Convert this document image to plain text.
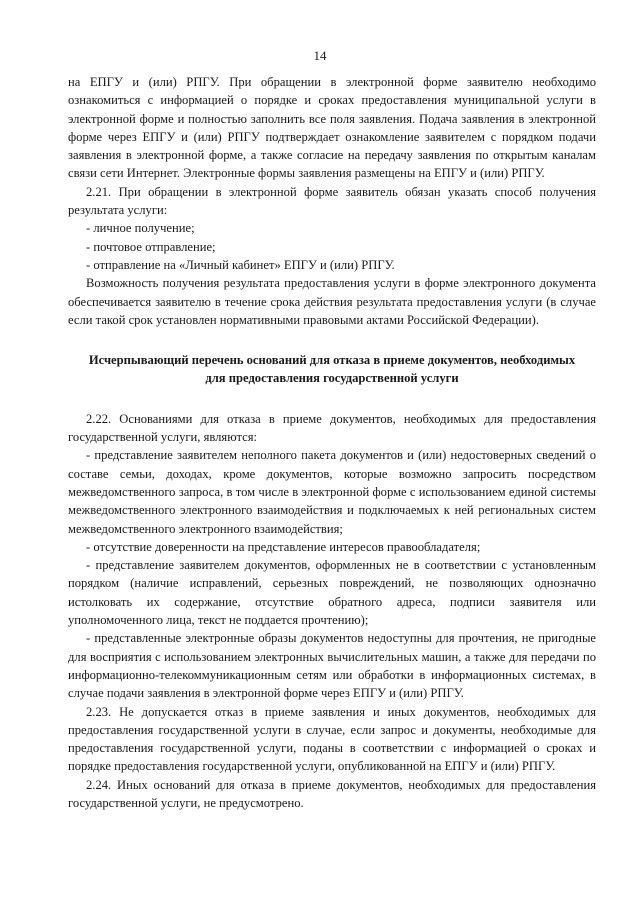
14

на ЕПГУ и (или) РПГУ. При обращении в электронной форме заявителю необходимо ознакомиться с информацией о порядке и сроках предоставления муниципальной услуги в электронной форме и полностью заполнить все поля заявления. Подача заявления в электронной форме через ЕПГУ и (или) РПГУ подтверждает ознакомление заявителем с порядком подачи заявления в электронной форме, а также согласие на передачу заявления по открытым каналам связи сети Интернет. Электронные формы заявления размещены на ЕПГУ и (или) РПГУ.

2.21. При обращении в электронной форме заявитель обязан указать способ получения результата услуги:

- личное получение;

- почтовое отправление;

- отправление на «Личный кабинет» ЕПГУ и (или) РПГУ.

Возможность получения результата предоставления услуги в форме электронного документа обеспечивается заявителю в течение срока действия результата предоставления услуги (в случае если такой срок установлен нормативными правовыми актами Российской Федерации).

Исчерпывающий перечень оснований для отказа в приеме документов, необходимых для предоставления государственной услуги

2.22. Основаниями для отказа в приеме документов, необходимых для предоставления государственной услуги, являются:

- представление заявителем неполного пакета документов и (или) недостоверных сведений о составе семьи, доходах, кроме документов, которые возможно запросить посредством межведомственного запроса, в том числе в электронной форме с использованием единой системы межведомственного электронного взаимодействия и подключаемых к ней региональных систем межведомственного электронного взаимодействия;

- отсутствие доверенности на представление интересов правообладателя;

- представление заявителем документов, оформленных не в соответствии с установленным порядком (наличие исправлений, серьезных повреждений, не позволяющих однозначно истолковать их содержание, отсутствие обратного адреса, подписи заявителя или уполномоченного лица, текст не поддается прочтению);

- представленные электронные образы документов недоступны для прочтения, не пригодные для восприятия с использованием электронных вычислительных машин, а также для передачи по информационно-телекоммуникационным сетям или обработки в информационных системах, в случае подачи заявления в электронной форме через ЕПГУ и (или) РПГУ.

2.23. Не допускается отказ в приеме заявления и иных документов, необходимых для предоставления государственной услуги в случае, если запрос и документы, необходимые для предоставления государственной услуги, поданы в соответствии с информацией о сроках и порядке предоставления государственной услуги, опубликованной на ЕПГУ и (или) РПГУ.

2.24. Иных оснований для отказа в приеме документов, необходимых для предоставления государственной услуги, не предусмотрено.
